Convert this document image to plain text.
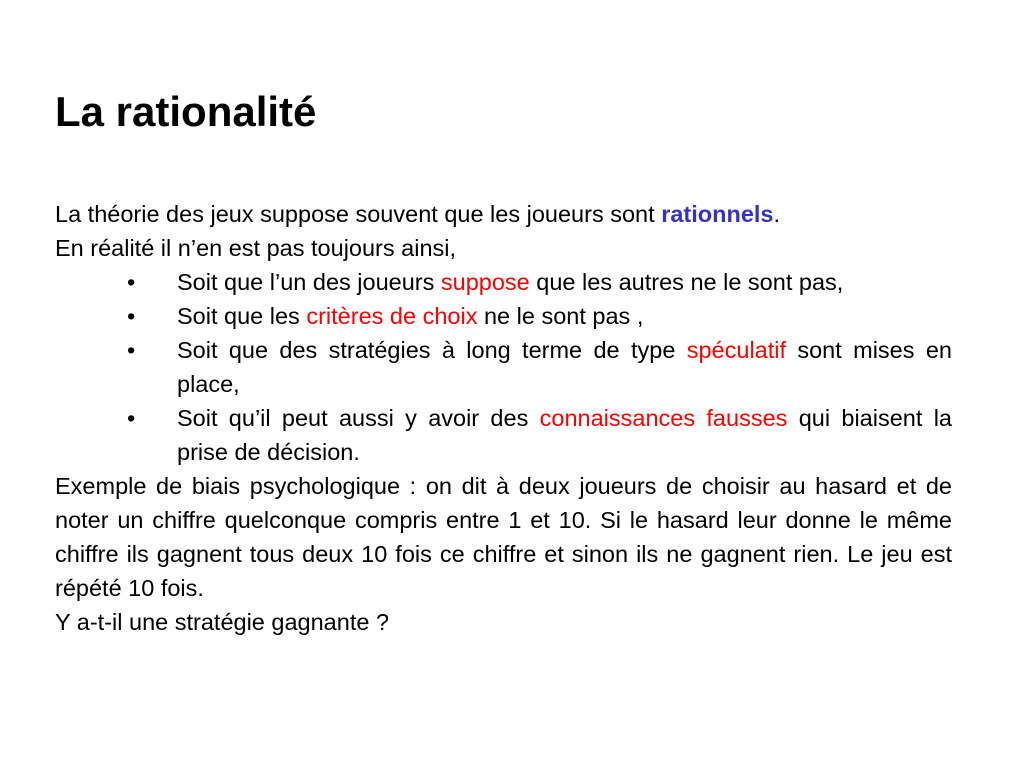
La rationalité

La théorie des jeux suppose souvent que les joueurs sont rationnels.
En réalité il n’en est pas toujours ainsi,

• Soit que l’un des joueurs suppose que les autres ne le sont pas,
• Soit que les critères de choix ne le sont pas ,
• Soit que des stratégies à long terme de type spéculatif sont mises en place,
• Soit qu’il peut aussi y avoir des connaissances fausses qui biaisent la prise de décision.

Exemple de biais psychologique : on dit à deux joueurs de choisir au hasard et de noter un chiffre quelconque compris entre 1 et 10. Si le hasard leur donne le même chiffre ils gagnent tous deux 10 fois ce chiffre et sinon ils ne gagnent rien. Le jeu est répété 10 fois.

Y a-t-il une stratégie gagnante ?
